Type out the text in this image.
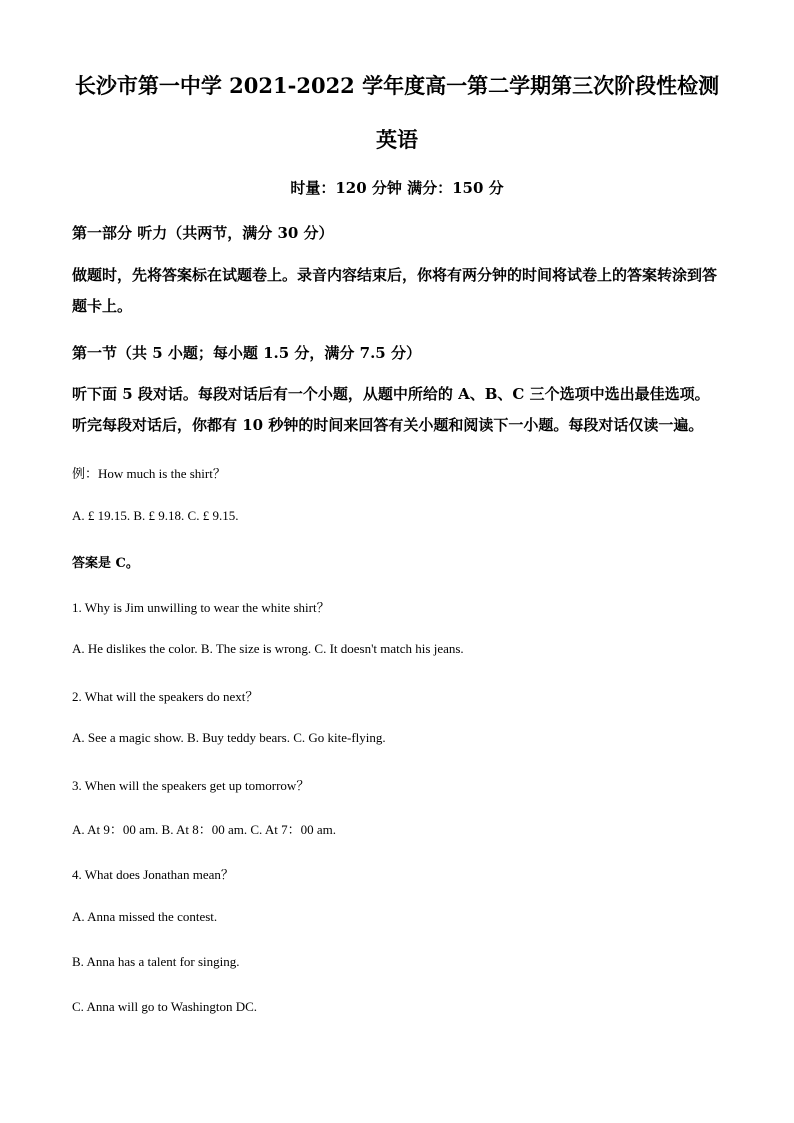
长沙市第一中学 2021-2022 学年度高一第二学期第三次阶段性检测
英语
时量：120 分钟 满分：150 分
第一部分 听力（共两节，满分 30 分）
做题时，先将答案标在试题卷上。录音内容结束后，你将有两分钟的时间将试卷上的答案转涂到答题卡上。
第一节（共 5 小题；每小题 1.5 分，满分 7.5 分）
听下面 5 段对话。每段对话后有一个小题，从题中所给的 A、B、C 三个选项中选出最佳选项。听完每段对话后，你都有 10 秒钟的时间来回答有关小题和阅读下一小题。每段对话仅读一遍。
例：How much is the shirt？
A. £ 19.15. B. £ 9.18. C. £ 9.15.
答案是 C。
1. Why is Jim unwilling to wear the white shirt？
A. He dislikes the color. B. The size is wrong. C. It doesn't match his jeans.
2. What will the speakers do next？
A. See a magic show. B. Buy teddy bears. C. Go kite-flying.
3. When will the speakers get up tomorrow？
A. At 9：00 am. B. At 8：00 am. C. At 7：00 am.
4. What does Jonathan mean？
A. Anna missed the contest.
B. Anna has a talent for singing.
C. Anna will go to Washington DC.
